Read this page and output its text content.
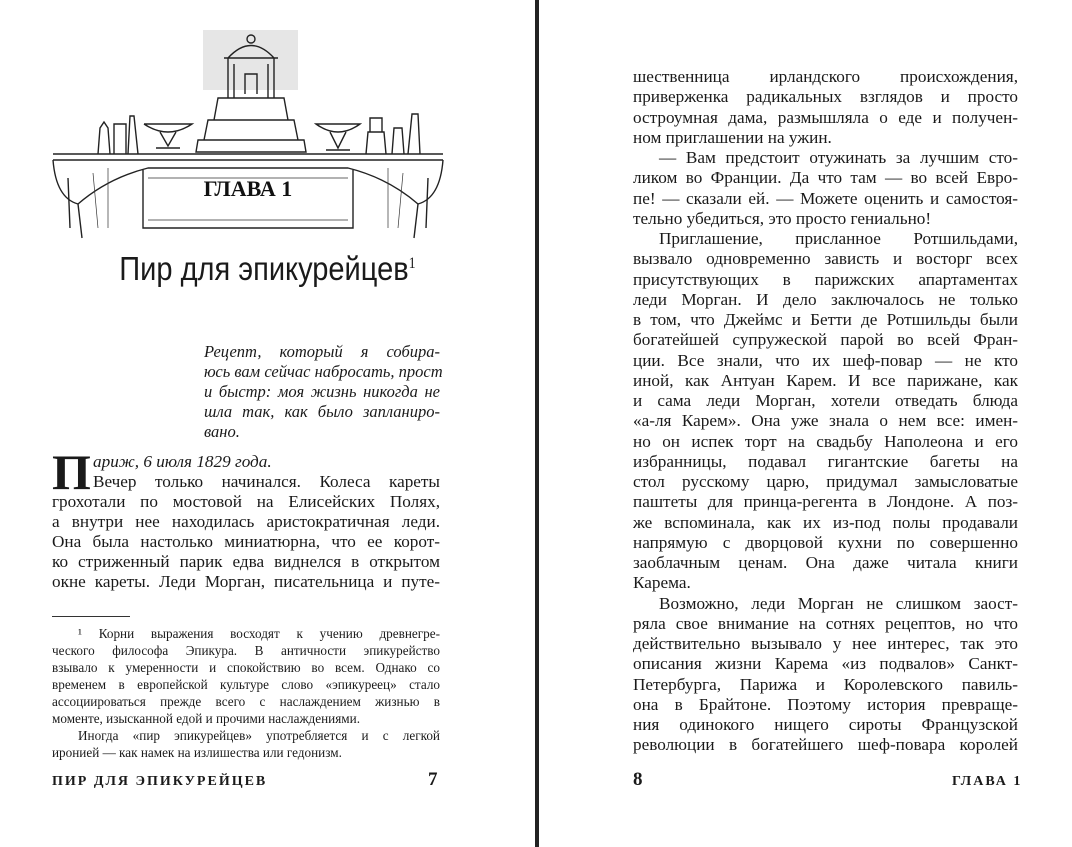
ГЛАВА 1
Пир для эпикурейцев$^1$
Рецепт, который я собира-
юсь вам сейчас набросать, прост
и быстр: моя жизнь никогда не
шла так, как было запланиро-
вано.
П ариж, 6 июля 1829 года.
Вечер только начинался. Колеса кареты
грохотали по мостовой на Елисейских Полях,
а внутри нее находилась аристократичная леди.
Она была настолько миниатюрна, что ее корот-
ко стриженный парик едва виднелся в открытом
окне кареты. Леди Морган, писательница и путе-
¹ Корни выражения восходят к учению древнегре-
ческого философа Эпикура. В античности эпикурейство
взывало к умеренности и спокойствию во всем. Однако со
временем в европейской культуре слово «эпикуреец» стало
ассоциироваться прежде всего с наслаждением жизнью в
моменте, изысканной едой и прочими наслаждениями.
Иногда «пир эпикурейцев» употребляется и с легкой
иронией — как намек на излишества или гедонизм.
ПИР ДЛЯ ЭПИКУРЕЙЦЕВ	7
шественница ирландского происхождения,
приверженка радикальных взглядов и просто
остроумная дама, размышляла о еде и получен-
ном приглашении на ужин.
— Вам предстоит отужинать за лучшим сто-
ликом во Франции. Да что там — во всей Евро-
пе! — сказали ей. — Можете оценить и самостоя-
тельно убедиться, это просто гениально!
Приглашение, присланное Ротшильдами,
вызвало одновременно зависть и восторг всех
присутствующих в парижских апартаментах
леди Морган. И дело заключалось не только
в том, что Джеймс и Бетти де Ротшильды были
богатейшей супружеской парой во всей Фран-
ции. Все знали, что их шеф-повар — не кто
иной, как Антуан Карем. И все парижане, как
и сама леди Морган, хотели отведать блюда
«а-ля Карем». Она уже знала о нем все: имен-
но он испек торт на свадьбу Наполеона и его
избранницы, подавал гигантские багеты на
стол русскому царю, придумал замысловатые
паштеты для принца-регента в Лондоне. А поз-
же вспоминала, как их из-под полы продавали
напрямую с дворцовой кухни по совершенно
заоблачным ценам. Она даже читала книги
Карема.
Возможно, леди Морган не слишком заост-
ряла свое внимание на сотнях рецептов, но что
действительно вызывало у нее интерес, так это
описания жизни Карема «из подвалов» Санкт-
Петербурга, Парижа и Королевского павиль-
она в Брайтоне. Поэтому история превраще-
ния одинокого нищего сироты Французской
революции в богатейшего шеф-повара королей
8	ГЛАВА 1
